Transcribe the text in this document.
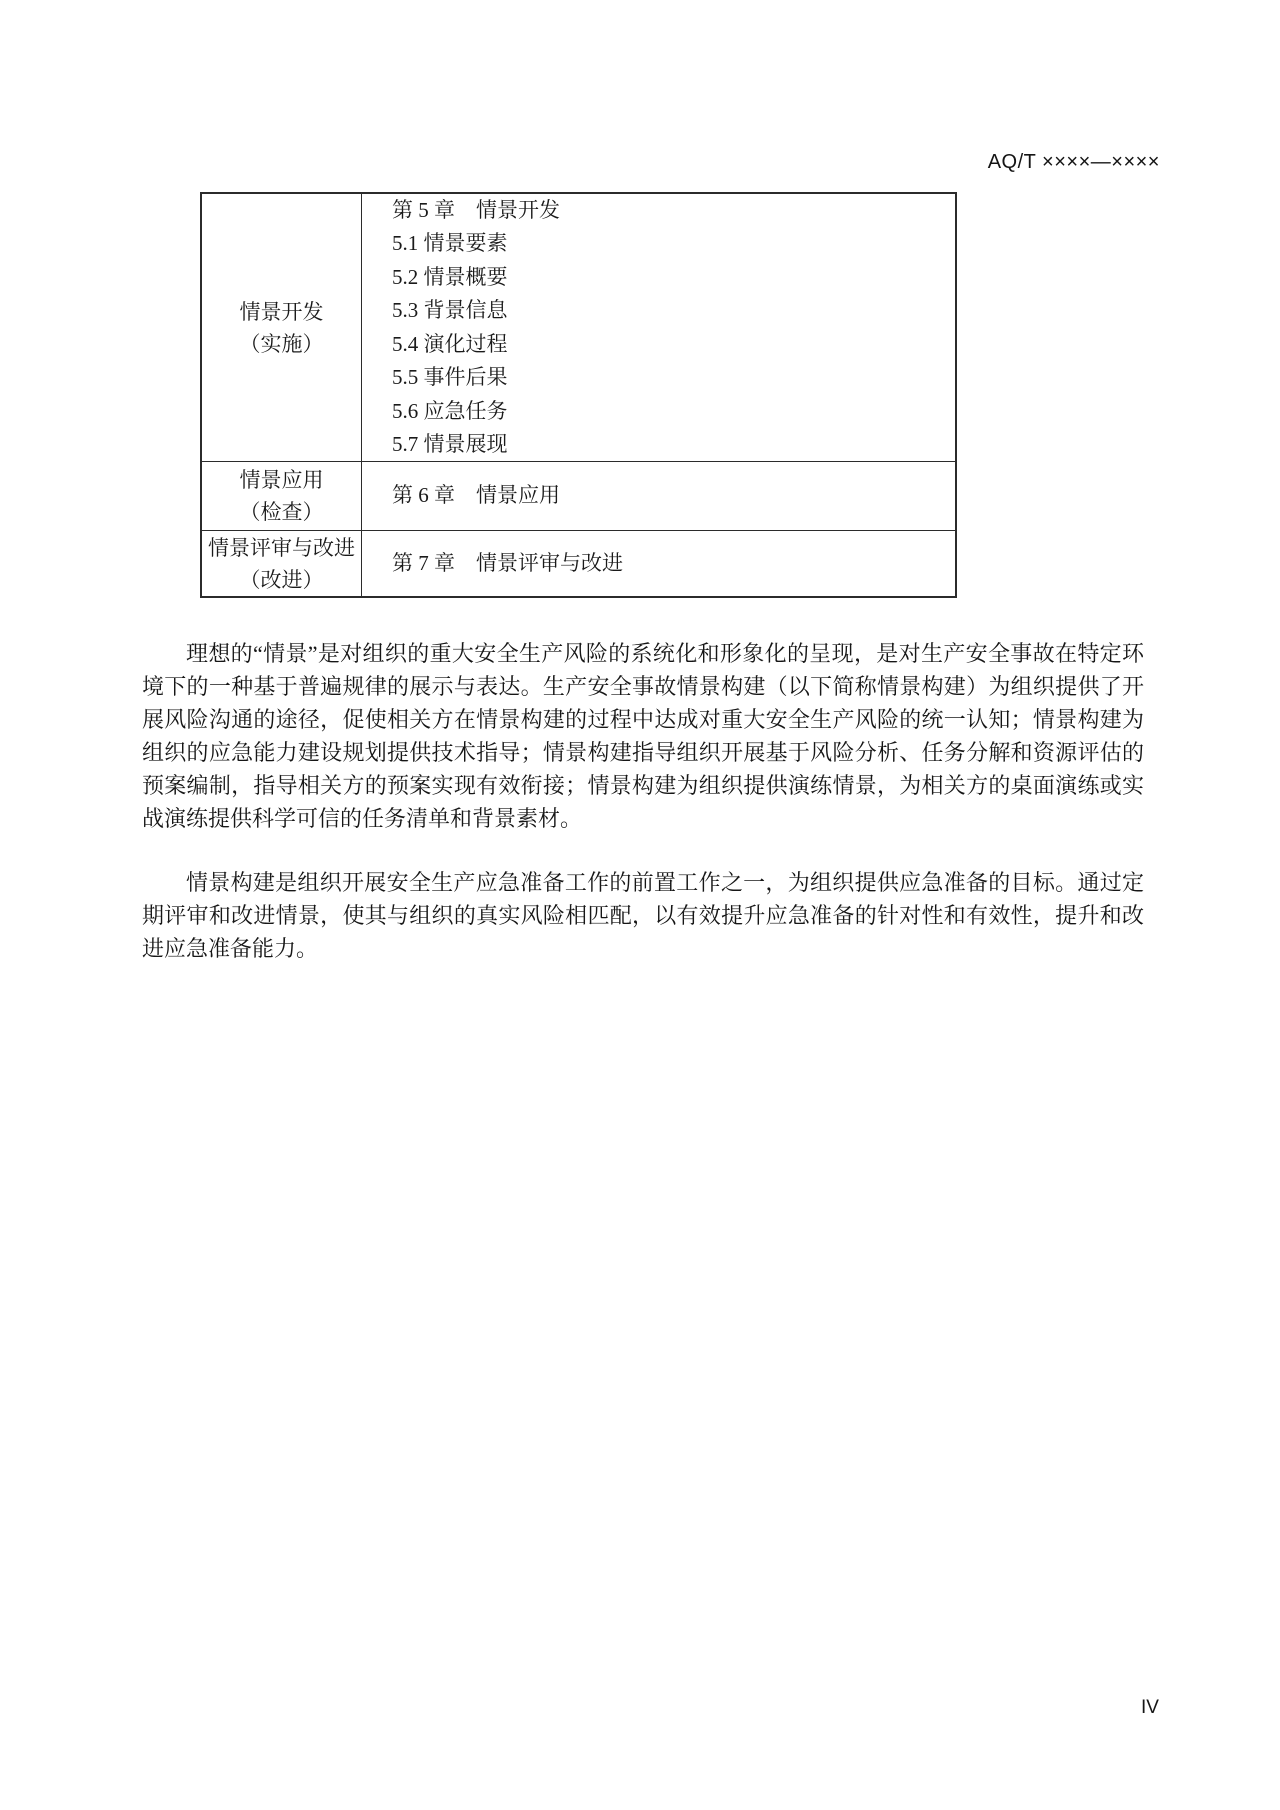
AQ/T ××××—××××
情景开发
（实施）
第 5 章　情景开发
5.1 情景要素
5.2 情景概要
5.3 背景信息
5.4 演化过程
5.5 事件后果
5.6 应急任务
5.7 情景展现
情景应用
（检查）
第 6 章　情景应用
情景评审与改进
（改进）
第 7 章　情景评审与改进

理想的“情景”是对组织的重大安全生产风险的系统化和形象化的呈现，是对生产安全事故在特定环境下的一种基于普遍规律的展示与表达。生产安全事故情景构建（以下简称情景构建）为组织提供了开展风险沟通的途径，促使相关方在情景构建的过程中达成对重大安全生产风险的统一认知；情景构建为组织的应急能力建设规划提供技术指导；情景构建指导组织开展基于风险分析、任务分解和资源评估的预案编制，指导相关方的预案实现有效衔接；情景构建为组织提供演练情景，为相关方的桌面演练或实战演练提供科学可信的任务清单和背景素材。

情景构建是组织开展安全生产应急准备工作的前置工作之一，为组织提供应急准备的目标。通过定期评审和改进情景，使其与组织的真实风险相匹配，以有效提升应急准备的针对性和有效性，提升和改进应急准备能力。

IV
